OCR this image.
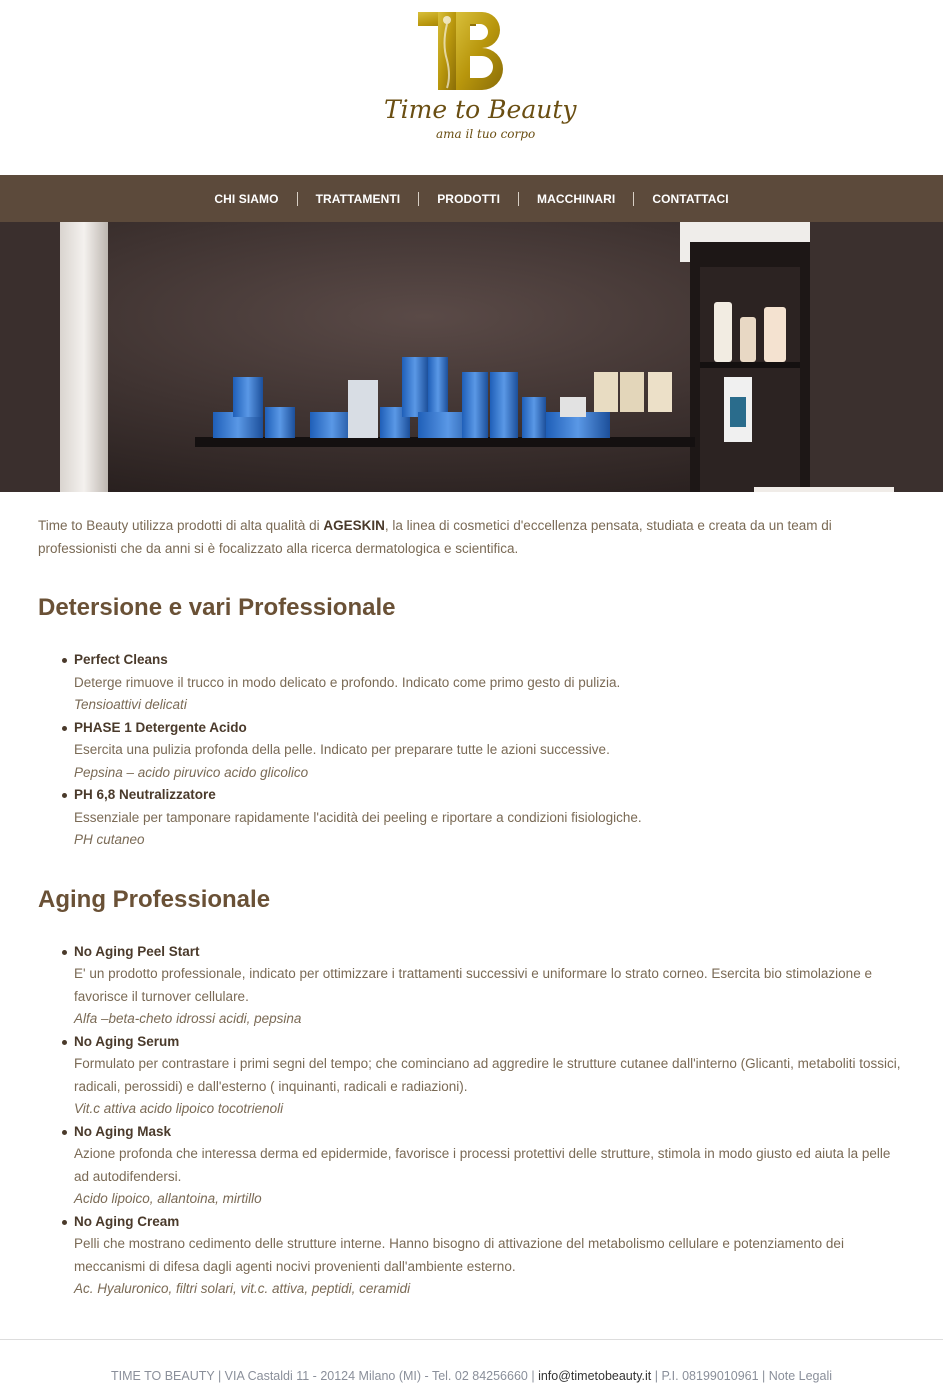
Time to Beauty
ama il tuo corpo
CHI SIAMO	TRATTAMENTI	PRODOTTI	MACCHINARI	CONTATTACI

Time to Beauty utilizza prodotti di alta qualità di AGESKIN, la linea di cosmetici d'eccellenza pensata, studiata e creata da un team di professionisti che da anni si è focalizzato alla ricerca dermatologica e scientifica.

Detersione e vari Professionale
Perfect Cleans
Deterge rimuove il trucco in modo delicato e profondo. Indicato come primo gesto di pulizia.
Tensioattivi delicati
PHASE 1 Detergente Acido
Esercita una pulizia profonda della pelle. Indicato per preparare tutte le azioni successive.
Pepsina – acido piruvico acido glicolico
PH 6,8 Neutralizzatore
Essenziale per tamponare rapidamente l'acidità dei peeling e riportare a condizioni fisiologiche.
PH cutaneo
Aging Professionale
No Aging Peel Start
E' un prodotto professionale, indicato per ottimizzare i trattamenti successivi e uniformare lo strato corneo. Esercita bio stimolazione e favorisce il turnover cellulare.
Alfa –beta-cheto idrossi acidi, pepsina
No Aging Serum
Formulato per contrastare i primi segni del tempo; che cominciano ad aggredire le strutture cutanee dall'interno (Glicanti, metaboliti tossici, radicali, perossidi) e dall'esterno ( inquinanti, radicali e radiazioni).
Vit.c attiva acido lipoico tocotrienoli
No Aging Mask
Azione profonda che interessa derma ed epidermide, favorisce i processi protettivi delle strutture, stimola in modo giusto ed aiuta la pelle ad autodifendersi.
Acido lipoico, allantoina, mirtillo
No Aging Cream
Pelli che mostrano cedimento delle strutture interne. Hanno bisogno di attivazione del metabolismo cellulare e potenziamento dei meccanismi di difesa dagli agenti nocivi provenienti dall'ambiente esterno.
Ac. Hyaluronico, filtri solari, vit.c. attiva, peptidi, ceramidi
TIME TO BEAUTY | VIA Castaldi 11 - 20124 Milano (MI) - Tel. 02 84256660 | info@timetobeauty.it | P.I. 08199010961 | Note Legali
